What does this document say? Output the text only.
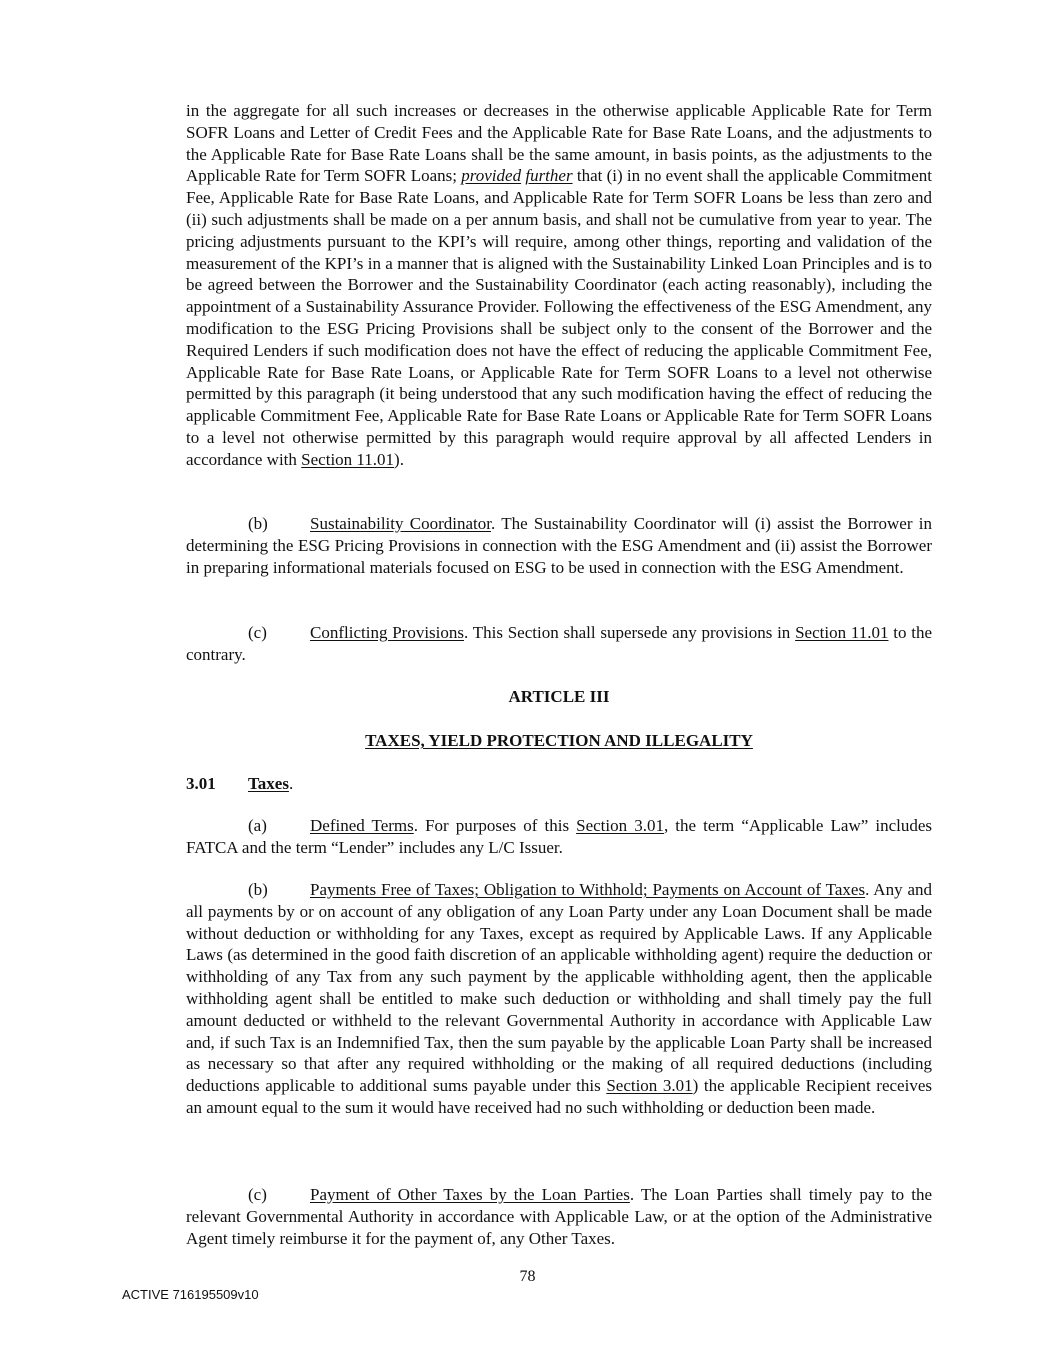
in the aggregate for all such increases or decreases in the otherwise applicable Applicable Rate for Term SOFR Loans and Letter of Credit Fees and the Applicable Rate for Base Rate Loans, and the adjustments to the Applicable Rate for Base Rate Loans shall be the same amount, in basis points, as the adjustments to the Applicable Rate for Term SOFR Loans; provided further that (i) in no event shall the applicable Commitment Fee, Applicable Rate for Base Rate Loans, and Applicable Rate for Term SOFR Loans be less than zero and (ii) such adjustments shall be made on a per annum basis, and shall not be cumulative from year to year. The pricing adjustments pursuant to the KPI’s will require, among other things, reporting and validation of the measurement of the KPI’s in a manner that is aligned with the Sustainability Linked Loan Principles and is to be agreed between the Borrower and the Sustainability Coordinator (each acting reasonably), including the appointment of a Sustainability Assurance Provider. Following the effectiveness of the ESG Amendment, any modification to the ESG Pricing Provisions shall be subject only to the consent of the Borrower and the Required Lenders if such modification does not have the effect of reducing the applicable Commitment Fee, Applicable Rate for Base Rate Loans, or Applicable Rate for Term SOFR Loans to a level not otherwise permitted by this paragraph (it being understood that any such modification having the effect of reducing the applicable Commitment Fee, Applicable Rate for Base Rate Loans or Applicable Rate for Term SOFR Loans to a level not otherwise permitted by this paragraph would require approval by all affected Lenders in accordance with Section 11.01).

(b) Sustainability Coordinator. The Sustainability Coordinator will (i) assist the Borrower in determining the ESG Pricing Provisions in connection with the ESG Amendment and (ii) assist the Borrower in preparing informational materials focused on ESG to be used in connection with the ESG Amendment.

(c)	Conflicting Provisions. This Section shall supersede any provisions in Section 11.01 to the contrary.

ARTICLE III
TAXES, YIELD PROTECTION AND ILLEGALITY

3.01 Taxes.

(a)	Defined Terms. For purposes of this Section 3.01, the term “Applicable Law” includes FATCA and the term “Lender” includes any L/C Issuer.

(b) Payments Free of Taxes; Obligation to Withhold; Payments on Account of Taxes. Any and all payments by or on account of any obligation of any Loan Party under any Loan Document shall be made without deduction or withholding for any Taxes, except as required by Applicable Laws. If any Applicable Laws (as determined in the good faith discretion of an applicable withholding agent) require the deduction or withholding of any Tax from any such payment by the applicable withholding agent, then the applicable withholding agent shall be entitled to make such deduction or withholding and shall timely pay the full amount deducted or withheld to the relevant Governmental Authority in accordance with Applicable Law and, if such Tax is an Indemnified Tax, then the sum payable by the applicable Loan Party shall be increased as necessary so that after any required withholding or the making of all required deductions (including deductions applicable to additional sums payable under this Section 3.01) the applicable Recipient receives an amount equal to the sum it would have received had no such withholding or deduction been made.

(c)	Payment of Other Taxes by the Loan Parties. The Loan Parties shall timely pay to the relevant Governmental Authority in accordance with Applicable Law, or at the option of the Administrative Agent timely reimburse it for the payment of, any Other Taxes.

78
ACTIVE 716195509v10
